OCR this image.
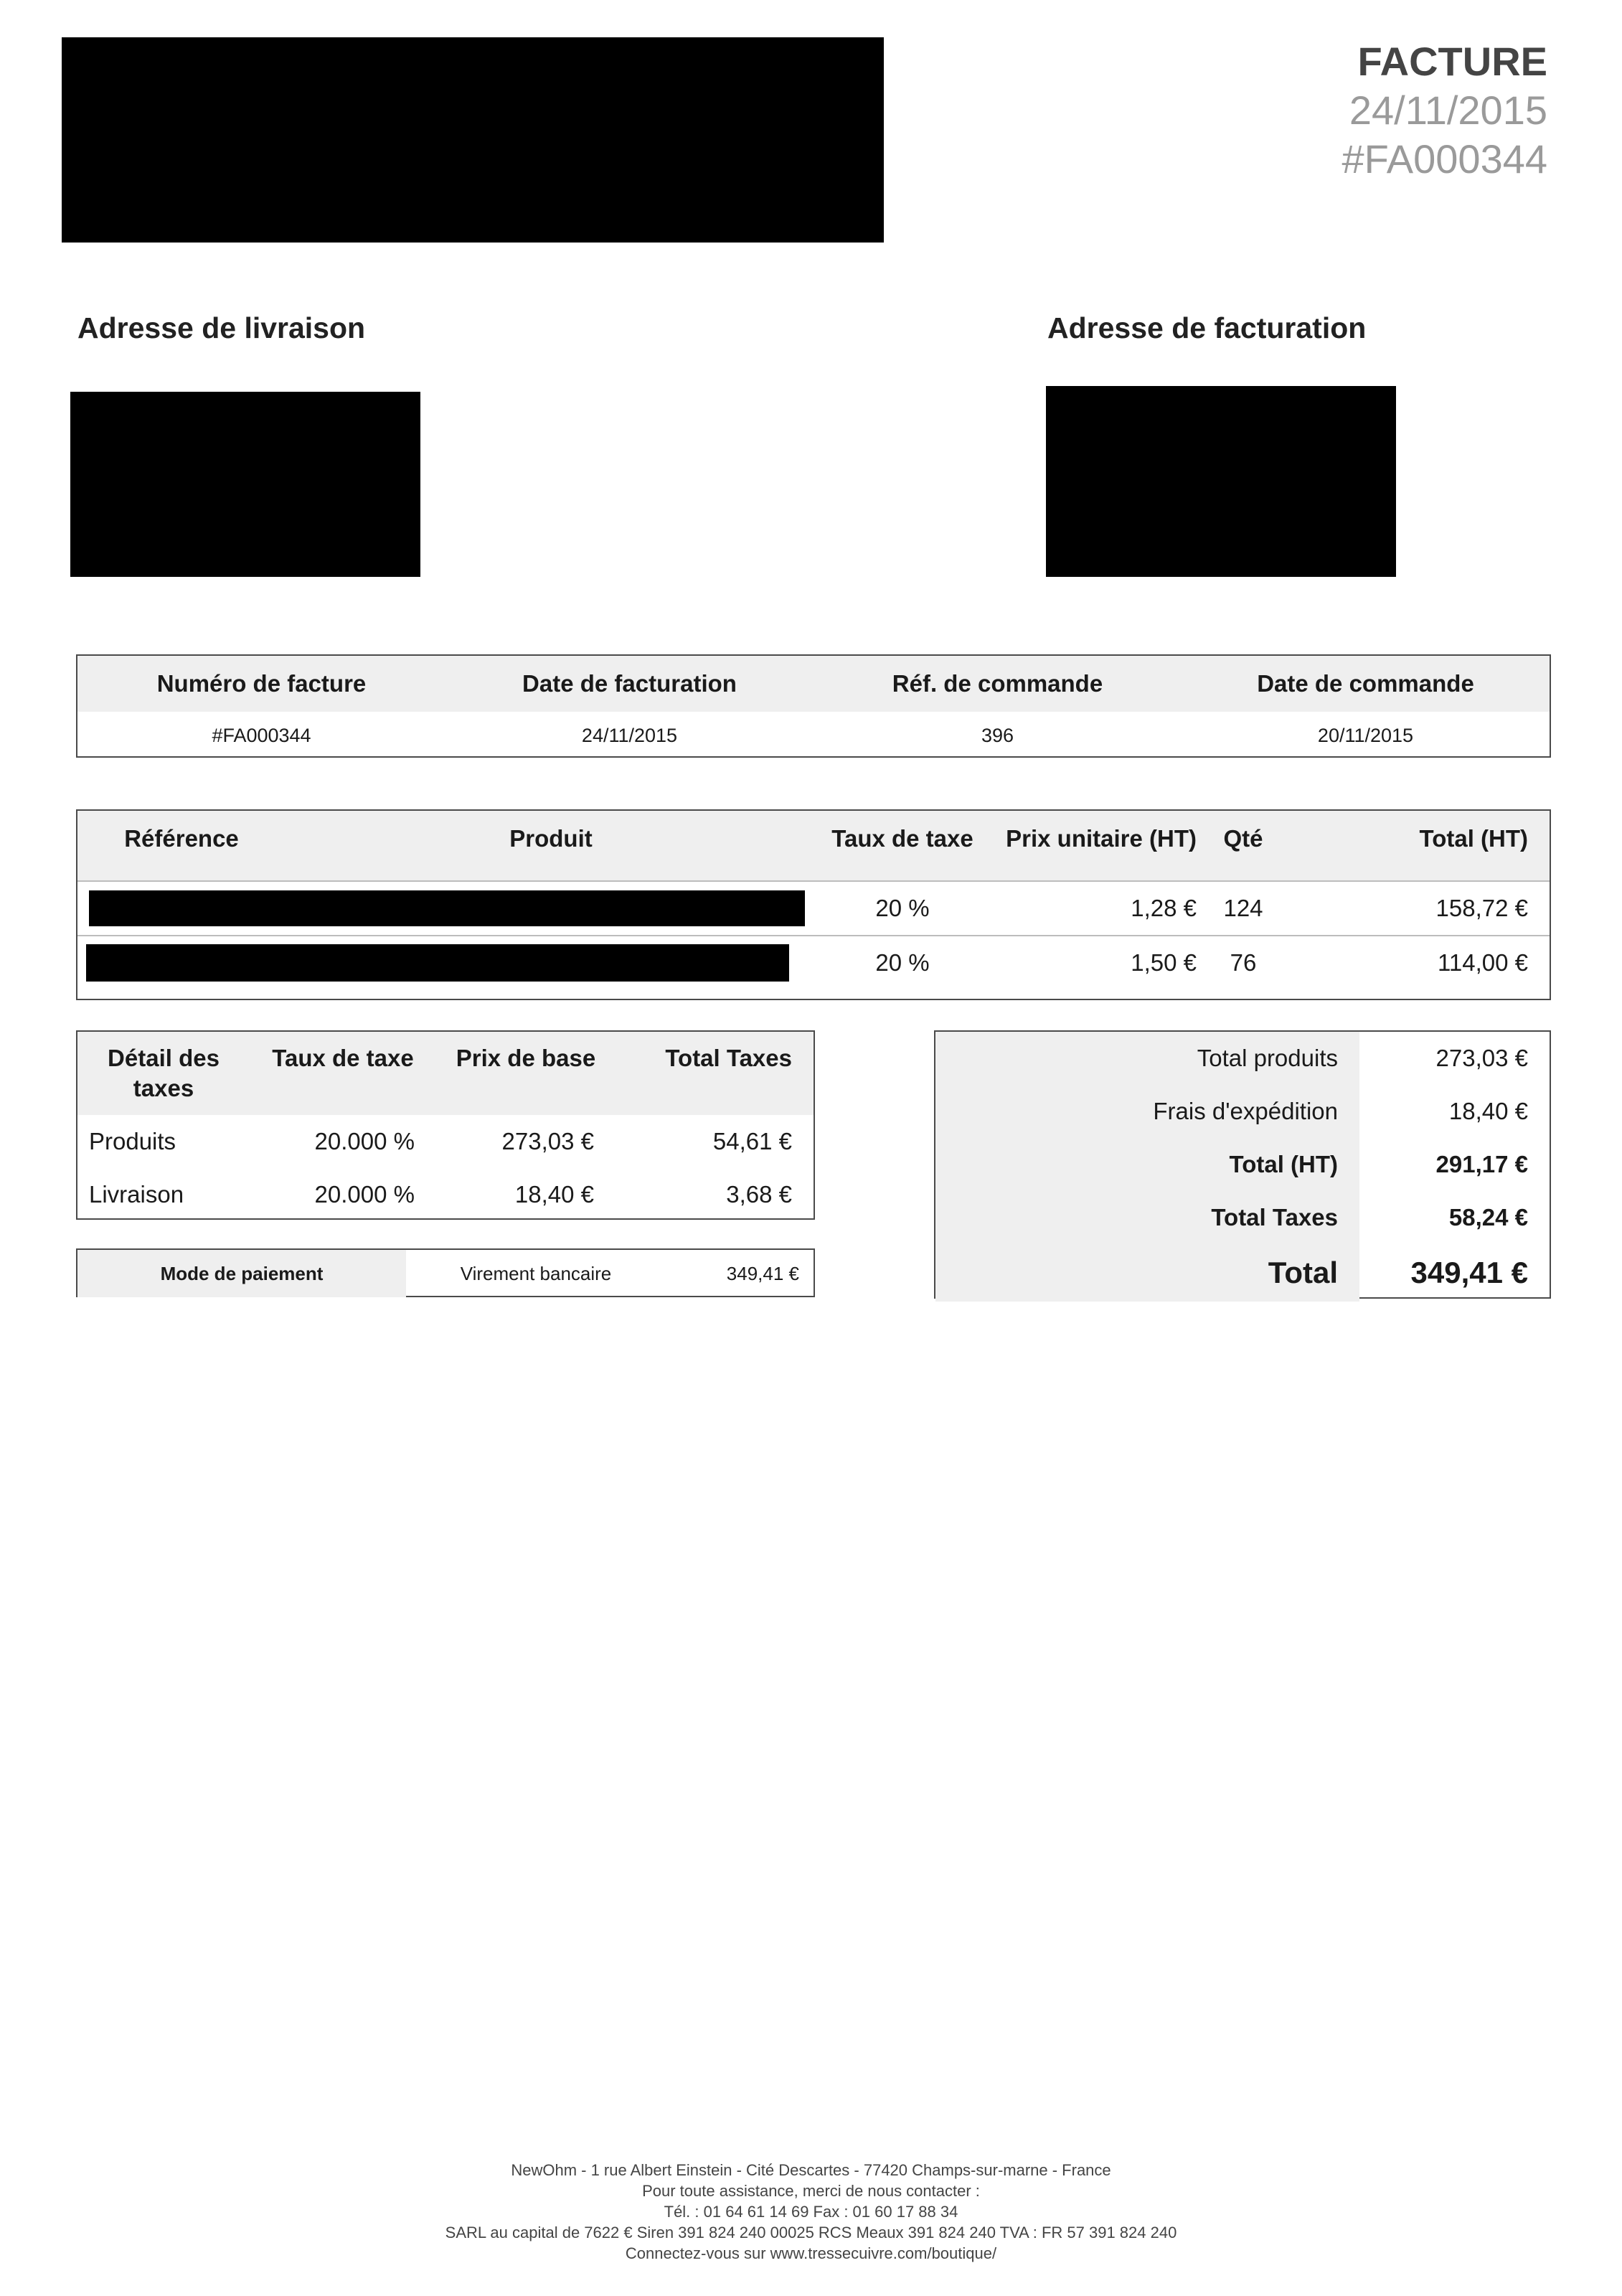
FACTURE
24/11/2015
#FA000344
Adresse de livraison	Adresse de facturation
Numéro de facture	Date de facturation	Réf. de commande	Date de commande
#FA000344	24/11/2015	396	20/11/2015
Référence	Produit	Taux de taxe	Prix unitaire (HT)	Qté	Total (HT)

		20 %	1,28 €	124	158,72 €

		20 %	1,50 €	76	114,00 €
Détail des taxes	Taux de taxe	Prix de base	Total Taxes
Produits	20.000 %	273,03 €	54,61 €
Livraison	20.000 %	18,40 €	3,68 €
Mode de paiement	Virement bancaire	349,41 €
Total produits	273,03 €
Frais d'expédition	18,40 €
Total (HT)	291,17 €
Total Taxes	58,24 €
Total	349,41 €
NewOhm - 1 rue Albert Einstein - Cité Descartes - 77420 Champs-sur-marne - France
Pour toute assistance, merci de nous contacter :
Tél. : 01 64 61 14 69 Fax : 01 60 17 88 34
SARL au capital de 7622 € Siren 391 824 240 00025 RCS Meaux 391 824 240 TVA : FR 57 391 824 240
Connectez-vous sur www.tressecuivre.com/boutique/
